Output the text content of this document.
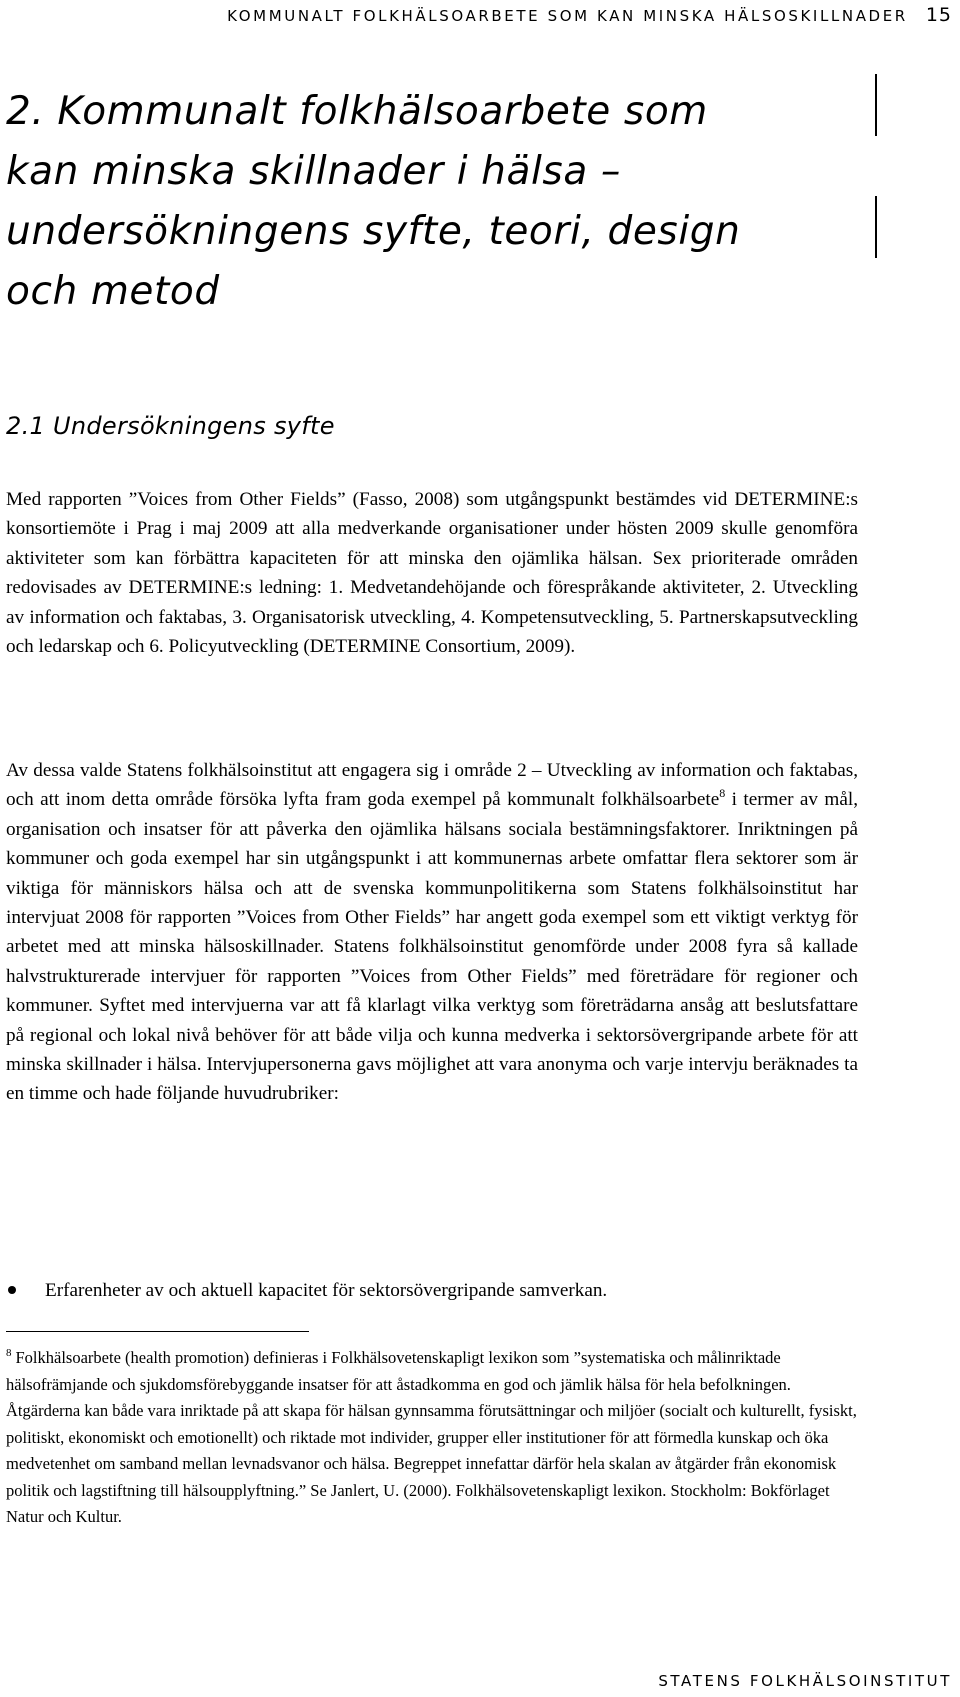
KOMMUNALT FOLKHÄLSOARBETE SOM KAN MINSKA HÄLSOSKILLNADER 15
2. Kommunalt folkhälsoarbete som
kan minska skillnader i hälsa –
undersökningens syfte, teori, design
och metod
2.1 Undersökningens syfte

Med rapporten ”Voices from Other Fields” (Fasso, 2008) som utgångspunkt bestämdes vid DETERMINE:s konsortiemöte i Prag i maj 2009 att alla medverkande organisationer under hösten 2009 skulle genomföra aktiviteter som kan förbättra kapaciteten för att minska den ojämlika hälsan. Sex prioriterade områden redovisades av DETERMINE:s ledning: 1. Medvetandehöjande och förespråkande aktiviteter, 2. Utveckling av information och faktabas, 3. Organisatorisk utveckling, 4. Kompetensutveckling, 5. Partnerskapsutveckling och ledarskap och 6. Policyutveckling (DETERMINE Consortium, 2009).

Av dessa valde Statens folkhälsoinstitut att engagera sig i område 2 – Utveckling av information och faktabas, och att inom detta område försöka lyfta fram goda exempel på kommunalt folkhälsoarbete$^8$ i termer av mål, organisation och insatser för att påverka den ojämlika hälsans sociala bestämningsfaktorer. Inriktningen på kommuner och goda exempel har sin utgångspunkt i att kommunernas arbete omfattar flera sektorer som är viktiga för människors hälsa och att de svenska kommunpolitikerna som Statens folkhälsoinstitut har intervjuat 2008 för rapporten ”Voices from Other Fields” har angett goda exempel som ett viktigt verktyg för arbetet med att minska hälsoskillnader. Statens folkhälsoinstitut genomförde under 2008 fyra så kallade halvstrukturerade intervjuer för rapporten ”Voices from Other Fields” med företrädare för regioner och kommuner. Syftet med intervjuerna var att få klarlagt vilka verktyg som företrädarna ansåg att beslutsfattare på regional och lokal nivå behöver för att både vilja och kunna medverka i sektorsövergripande arbete för att minska skillnader i hälsa. Intervjupersonerna gavs möjlighet att vara anonyma och varje intervju beräknades ta en timme och hade följande huvudrubriker:

Erfarenheter av och aktuell kapacitet för sektorsövergripande samverkan.

$^8$ Folkhälsoarbete (health promotion) definieras i Folkhälsovetenskapligt lexikon som ”systematiska och målinriktade hälsofrämjande och sjukdomsförebyggande insatser för att åstadkomma en god och jämlik hälsa för hela befolkningen. Åtgärderna kan både vara inriktade på att skapa för hälsan gynnsamma förutsättningar och miljöer (socialt och kulturellt, fysiskt, politiskt, ekonomiskt och emotionellt) och riktade mot individer, grupper eller institutioner för att förmedla kunskap och öka medvetenhet om samband mellan levnadsvanor och hälsa. Begreppet innefattar därför hela skalan av åtgärder från ekonomisk politik och lagstiftning till hälsoupplyftning.” Se Janlert, U. (2000). Folkhälsovetenskapligt lexikon. Stockholm: Bokförlaget Natur och Kultur.

STATENS FOLKHÄLSOINSTITUT
